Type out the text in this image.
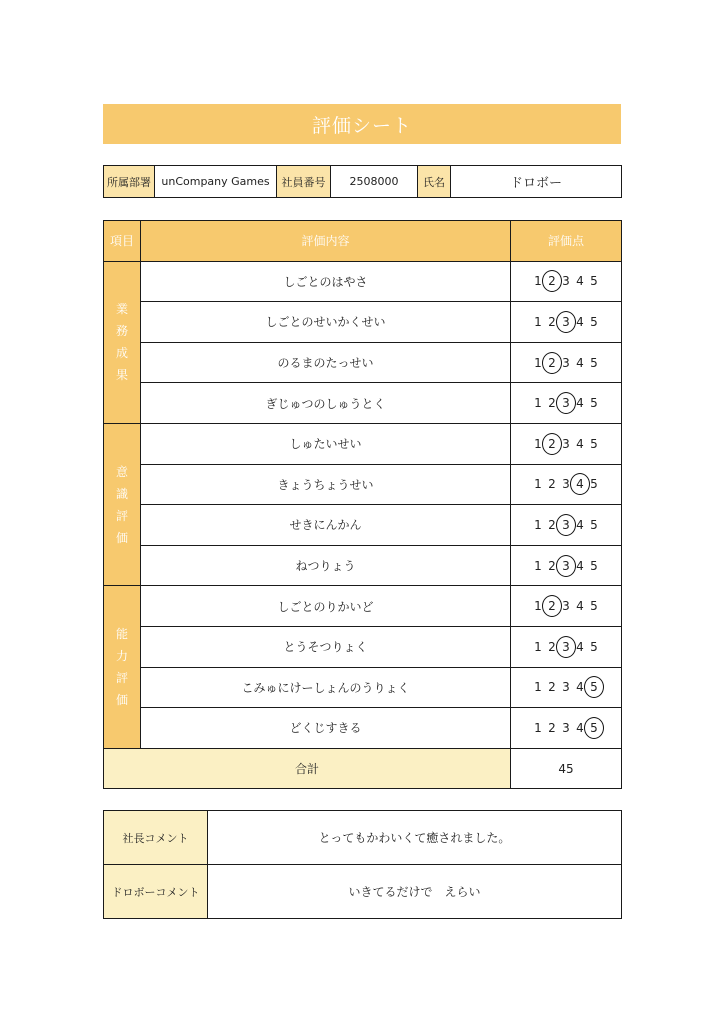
評価シート
所属部署	unCompany Games	社員番号	2508000	氏名	ドロボー
項目	評価内容	評価点
業務成果	しごとのはやさ	1 2 3 4 5

	しごとのせいかくせい	1 2 3 4 5

	のるまのたっせい	1 2 3 4 5

	ぎじゅつのしゅうとく	1 2 3 4 5

意識評価	しゅたいせい	1 2 3 4 5

	きょうちょうせい	1 2 3 4 5

	せきにんかん	1 2 3 4 5

	ねつりょう	1 2 3 4 5

能力評価	しごとのりかいど	1 2 3 4 5

	とうそつりょく	1 2 3 4 5

	こみゅにけーしょんのうりょく	1 2 3 4 5

	どくじすきる	1 2 3 4 5

合計		45
社長コメント	とってもかわいくて癒されました。
ドロボーコメント	いきてるだけで　えらい
